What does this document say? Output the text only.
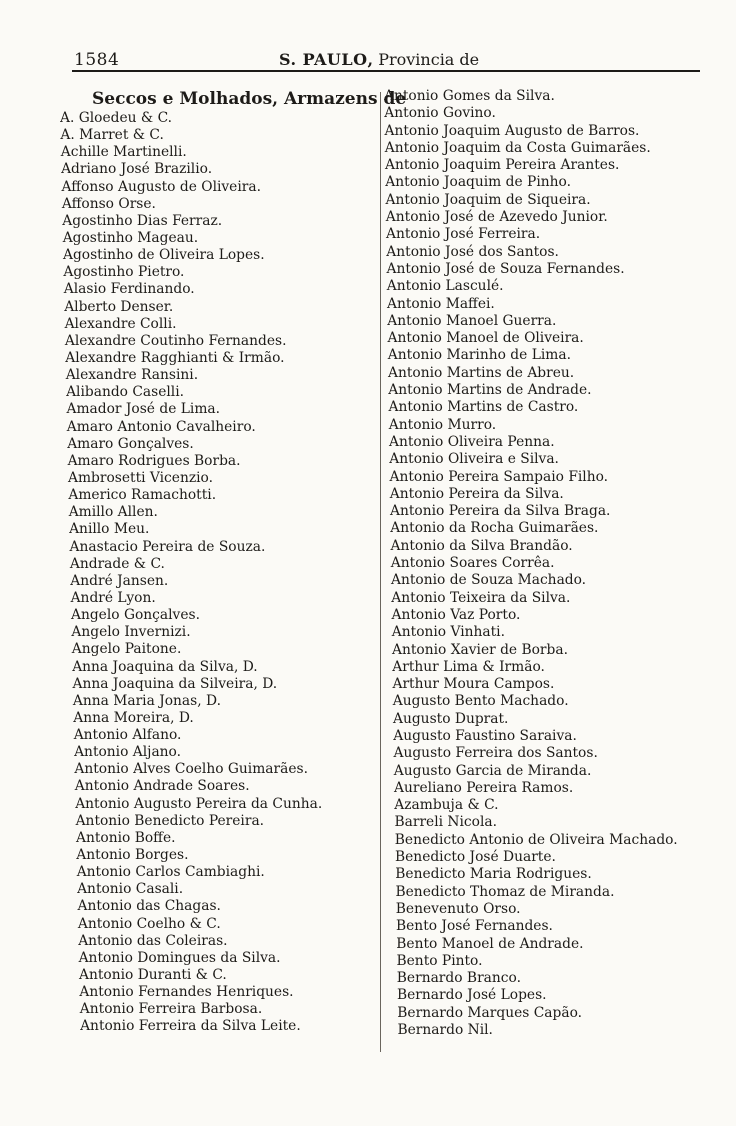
1584	S. PAULO, Provincia de
Seccos e Molhados, Armazens de
A. Gloedeu & C.
A. Marret & C.
Achille Martinelli.
Adriano José Brazilio.
Affonso Augusto de Oliveira.
Affonso Orse.
Agostinho Dias Ferraz.
Agostinho Mageau.
Agostinho de Oliveira Lopes.
Agostinho Pietro.
Alasio Ferdinando.
Alberto Denser.
Alexandre Colli.
Alexandre Coutinho Fernandes.
Alexandre Ragghianti & Irmão.
Alexandre Ransini.
Alibando Caselli.
Amador José de Lima.
Amaro Antonio Cavalheiro.
Amaro Gonçalves.
Amaro Rodrigues Borba.
Ambrosetti Vicenzio.
Americo Ramachotti.
Amillo Allen.
Anillo Meu.
Anastacio Pereira de Souza.
Andrade & C.
André Jansen.
André Lyon.
Angelo Gonçalves.
Angelo Invernizi.
Angelo Paitone.
Anna Joaquina da Silva, D.
Anna Joaquina da Silveira, D.
Anna Maria Jonas, D.
Anna Moreira, D.
Antonio Alfano.
Antonio Aljano.
Antonio Alves Coelho Guimarães.
Antonio Andrade Soares.
Antonio Augusto Pereira da Cunha.
Antonio Benedicto Pereira.
Antonio Boffe.
Antonio Borges.
Antonio Carlos Cambiaghi.
Antonio Casali.
Antonio das Chagas.
Antonio Coelho & C.
Antonio das Coleiras.
Antonio Domingues da Silva.
Antonio Duranti & C.
Antonio Fernandes Henriques.
Antonio Ferreira Barbosa.
Antonio Ferreira da Silva Leite.
Antonio Gomes da Silva.
Antonio Govino.
Antonio Joaquim Augusto de Barros.
Antonio Joaquim da Costa Guimarães.
Antonio Joaquim Pereira Arantes.
Antonio Joaquim de Pinho.
Antonio Joaquim de Siqueira.
Antonio José de Azevedo Junior.
Antonio José Ferreira.
Antonio José dos Santos.
Antonio José de Souza Fernandes.
Antonio Lasculé.
Antonio Maffei.
Antonio Manoel Guerra.
Antonio Manoel de Oliveira.
Antonio Marinho de Lima.
Antonio Martins de Abreu.
Antonio Martins de Andrade.
Antonio Martins de Castro.
Antonio Murro.
Antonio Oliveira Penna.
Antonio Oliveira e Silva.
Antonio Pereira Sampaio Filho.
Antonio Pereira da Silva.
Antonio Pereira da Silva Braga.
Antonio da Rocha Guimarães.
Antonio da Silva Brandão.
Antonio Soares Corrêa.
Antonio de Souza Machado.
Antonio Teixeira da Silva.
Antonio Vaz Porto.
Antonio Vinhati.
Antonio Xavier de Borba.
Arthur Lima & Irmão.
Arthur Moura Campos.
Augusto Bento Machado.
Augusto Duprat.
Augusto Faustino Saraiva.
Augusto Ferreira dos Santos.
Augusto Garcia de Miranda.
Aureliano Pereira Ramos.
Azambuja & C.
Barreli Nicola.
Benedicto Antonio de Oliveira Machado.
Benedicto José Duarte.
Benedicto Maria Rodrigues.
Benedicto Thomaz de Miranda.
Benevenuto Orso.
Bento José Fernandes.
Bento Manoel de Andrade.
Bento Pinto.
Bernardo Branco.
Bernardo José Lopes.
Bernardo Marques Capão.
Bernardo Nil.
